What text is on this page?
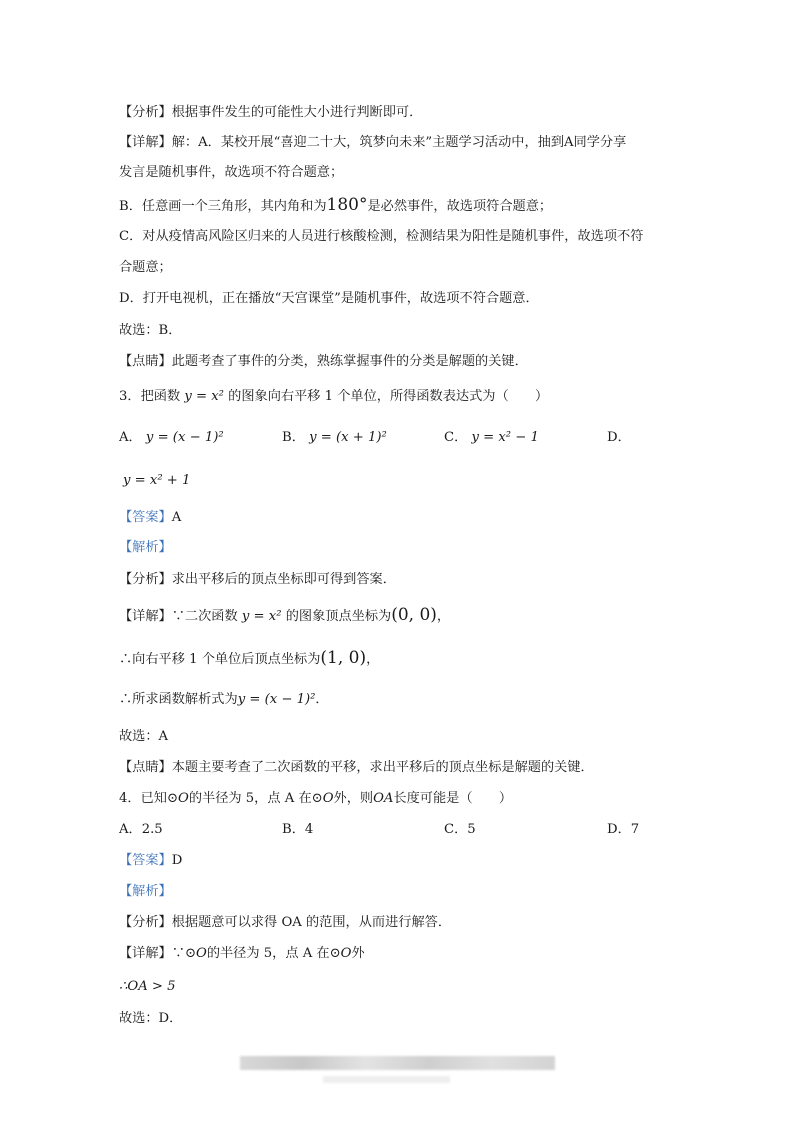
【分析】根据事件发生的可能性大小进行判断即可．
【详解】解：A．某校开展“喜迎二十大，筑梦向未来”主题学习活动中，抽到A同学分享
发言是随机事件，故选项不符合题意；
B．任意画一个三角形，其内角和为180°是必然事件，故选项符合题意；
C．对从疫情高风险区归来的人员进行核酸检测，检测结果为阳性是随机事件，故选项不符
合题意；
D．打开电视机，正在播放“天宫课堂”是随机事件，故选项不符合题意．
故选：B．
【点睛】此题考查了事件的分类，熟练掌握事件的分类是解题的关键．
3．把函数 y = x² 的图象向右平移 1 个单位，所得函数表达式为（　　）
A． y = (x − 1)²	B． y = (x + 1)²	C． y = x² − 1	D．
y = x² + 1
【答案】A
【解析】
【分析】求出平移后的顶点坐标即可得到答案．
【详解】∵二次函数 y = x² 的图象顶点坐标为(0, 0)，
∴向右平移 1 个单位后顶点坐标为(1, 0)，
∴所求函数解析式为y = (x − 1)²．
故选：A
【点睛】本题主要考查了二次函数的平移，求出平移后的顶点坐标是解题的关键．
4．已知⊙O的半径为 5，点 A 在⊙O外，则OA长度可能是（　　）
A．2.5	B．4	C．5	D．7
【答案】D
【解析】
【分析】根据题意可以求得 OA 的范围，从而进行解答．
【详解】∵⊙O的半径为 5，点 A 在⊙O外
∴OA > 5
故选：D．
